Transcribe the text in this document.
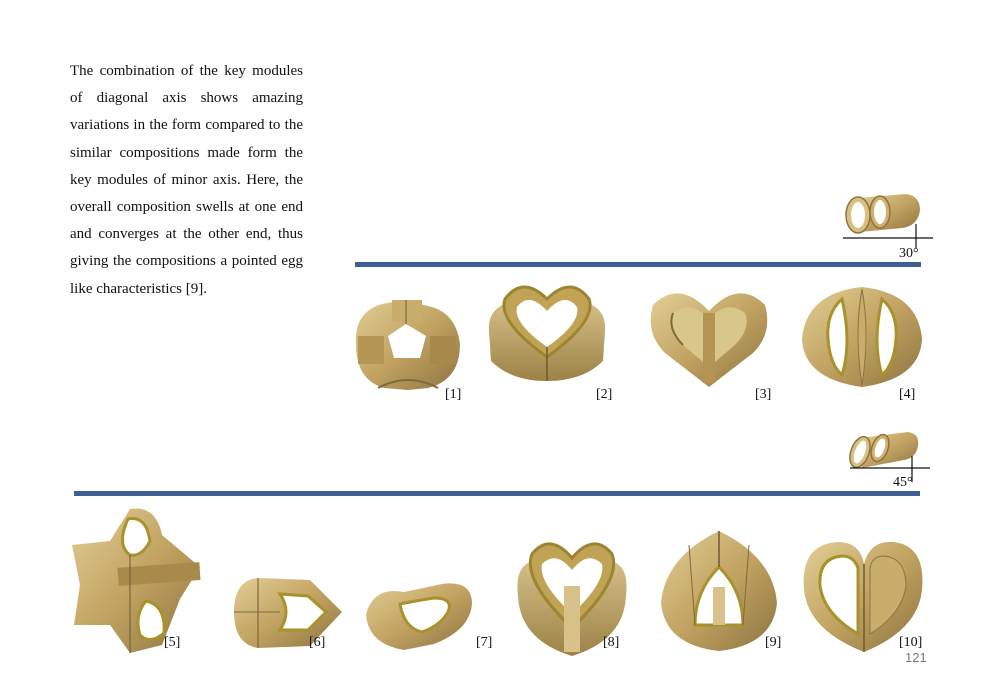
The combination of the key modules of diagonal axis shows amazing variations in the form compared to the similar compositions made form the key modules of minor axis. Here, the overall composition swells at one end and converges at the other end, thus giving the compositions a pointed egg like characteristics [9].

30°
[1]	[2]	[3]	[4]
45°
[5]	[6]	[7]	[8]	[9]	[10]
121
